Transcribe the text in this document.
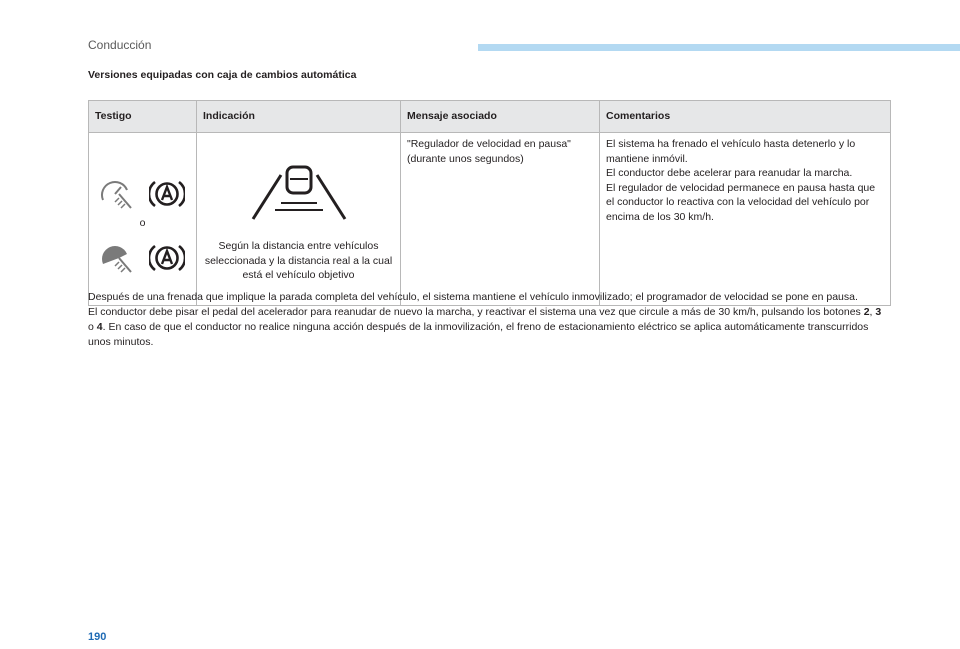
Conducción
Versiones equipadas con caja de cambios automática
Testigo	Indicación	Mensaje asociado	Comentarios

o	Según la distancia entre vehículos seleccionada y la distancia real a la cual está el vehículo objetivo	"Regulador de velocidad en pausa" (durante unos segundos)	El sistema ha frenado el vehículo hasta detenerlo y lo mantiene inmóvil.
El conductor debe acelerar para reanudar la marcha.
El regulador de velocidad permanece en pausa hasta que el conductor lo reactiva con la velocidad del vehículo por encima de los 30 km/h.

Después de una frenada que implique la parada completa del vehículo, el sistema mantiene el vehículo inmovilizado; el programador de velocidad se pone en pausa.

El conductor debe pisar el pedal del acelerador para reanudar de nuevo la marcha, y reactivar el sistema una vez que circule a más de 30 km/h, pulsando los botones 2, 3 o 4. En caso de que el conductor no realice ninguna acción después de la inmovilización, el freno de estacionamiento eléctrico se aplica automáticamente transcurridos unos minutos.

190
